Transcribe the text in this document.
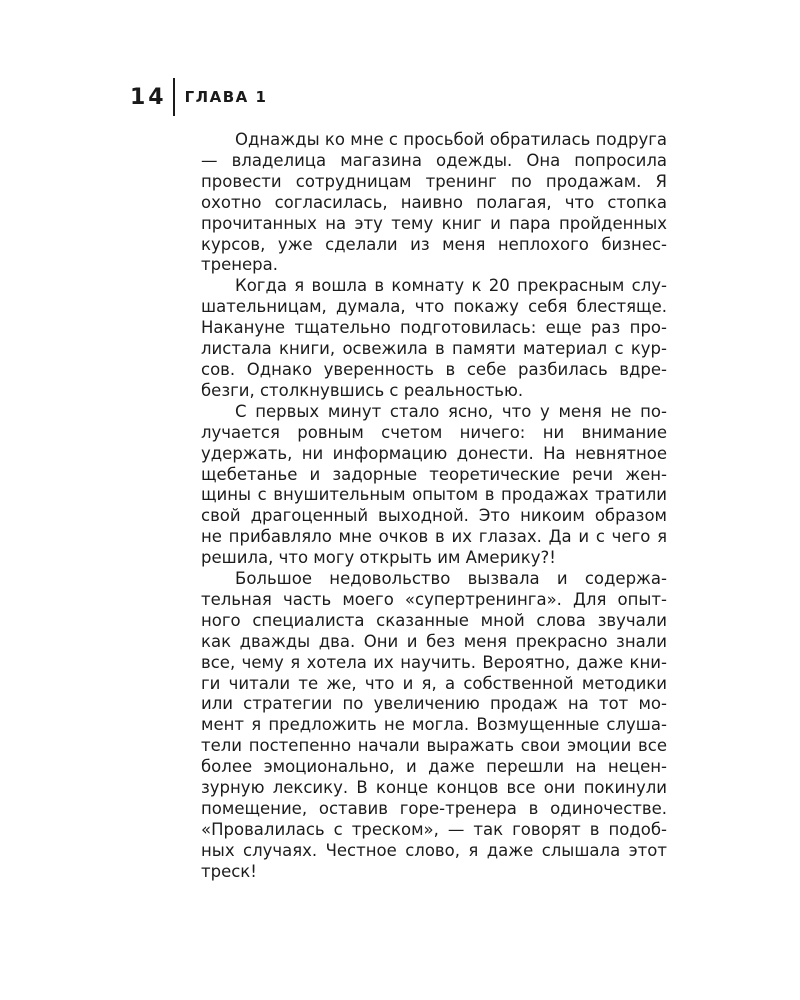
14 ГЛАВА 1

Однажды ко мне с просьбой обратилась подруга — владелица магазина одежды. Она попросила провести сотрудницам тренинг по продажам. Я охотно согласилась, наивно полагая, что стопка прочитанных на эту тему книг и пара пройденных курсов, уже сделали из меня неплохого бизнес-тренера.

Когда я вошла в комнату к 20 прекрасным слушательницам, думала, что покажу себя блестяще. Накануне тщательно подготовилась: еще раз пролистала книги, освежила в памяти материал с курсов. Однако уверенность в себе разбилась вдребезги, столкнувшись с реальностью.

С первых минут стало ясно, что у меня не получается ровным счетом ничего: ни внимание удержать, ни информацию донести. На невнятное щебетанье и задорные теоретические речи женщины с внушительным опытом в продажах тратили свой драгоценный выходной. Это никоим образом не прибавляло мне очков в их глазах. Да и с чего я решила, что могу открыть им Америку?!

Большое недовольство вызвала и содержательная часть моего «супертренинга». Для опытного специалиста сказанные мной слова звучали как дважды два. Они и без меня прекрасно знали все, чему я хотела их научить. Вероятно, даже книги читали те же, что и я, а собственной методики или стратегии по увеличению продаж на тот момент я предложить не могла. Возмущенные слушатели постепенно начали выражать свои эмоции все более эмоционально, и даже перешли на нецензурную лексику. В конце концов все они покинули помещение, оставив горе-тренера в одиночестве. «Провалилась с треском», — так говорят в подобных случаях. Честное слово, я даже слышала этот треск!
